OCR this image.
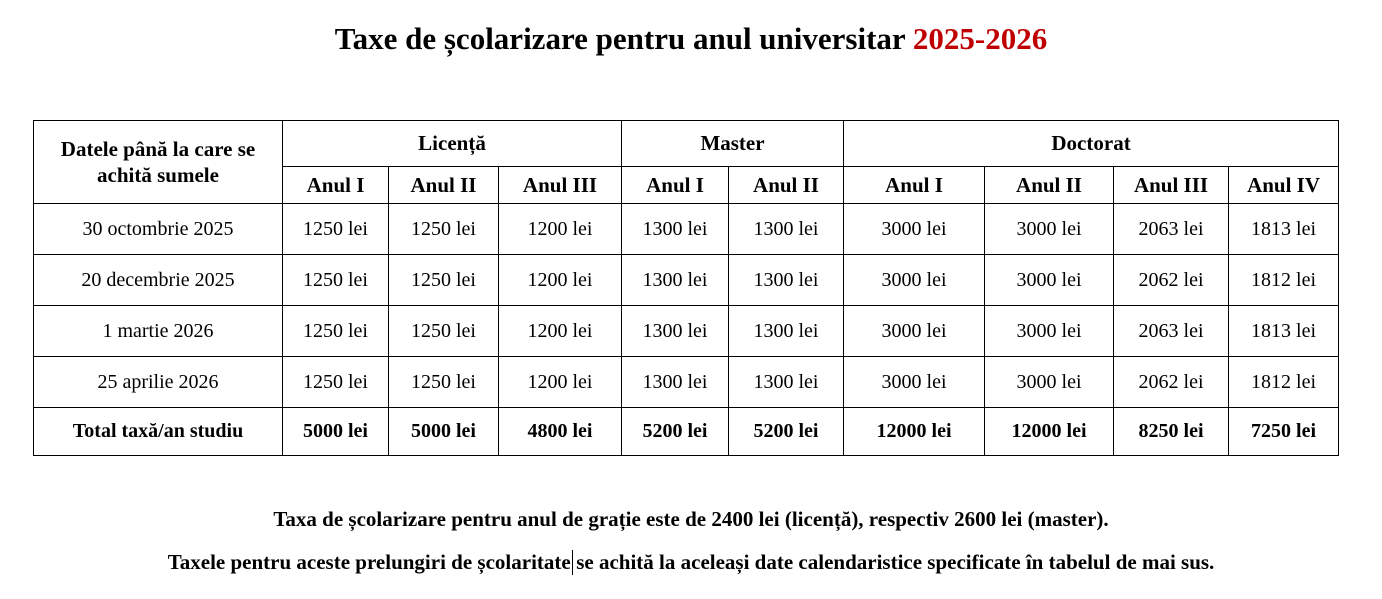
Taxe de școlarizare pentru anul universitar 2025-2026
Datele până la care se achită sumele	Licență			Master		Doctorat			
	Anul I	Anul II	Anul III	Anul I	Anul II	Anul I	Anul II	Anul III	Anul IV
30 octombrie 2025	1250 lei	1250 lei	1200 lei	1300 lei	1300 lei	3000 lei	3000 lei	2063 lei	1813 lei
20 decembrie 2025	1250 lei	1250 lei	1200 lei	1300 lei	1300 lei	3000 lei	3000 lei	2062 lei	1812 lei
1 martie 2026	1250 lei	1250 lei	1200 lei	1300 lei	1300 lei	3000 lei	3000 lei	2063 lei	1813 lei
25 aprilie 2026	1250 lei	1250 lei	1200 lei	1300 lei	1300 lei	3000 lei	3000 lei	2062 lei	1812 lei
Total taxă/an studiu	5000 lei	5000 lei	4800 lei	5200 lei	5200 lei	12000 lei	12000 lei	8250 lei	7250 lei
Taxa de școlarizare pentru anul de grație este de 2400 lei (licență), respectiv 2600 lei (master).
Taxele pentru aceste prelungiri de școlaritate se achită la aceleași date calendaristice specificate în tabelul de mai sus.
